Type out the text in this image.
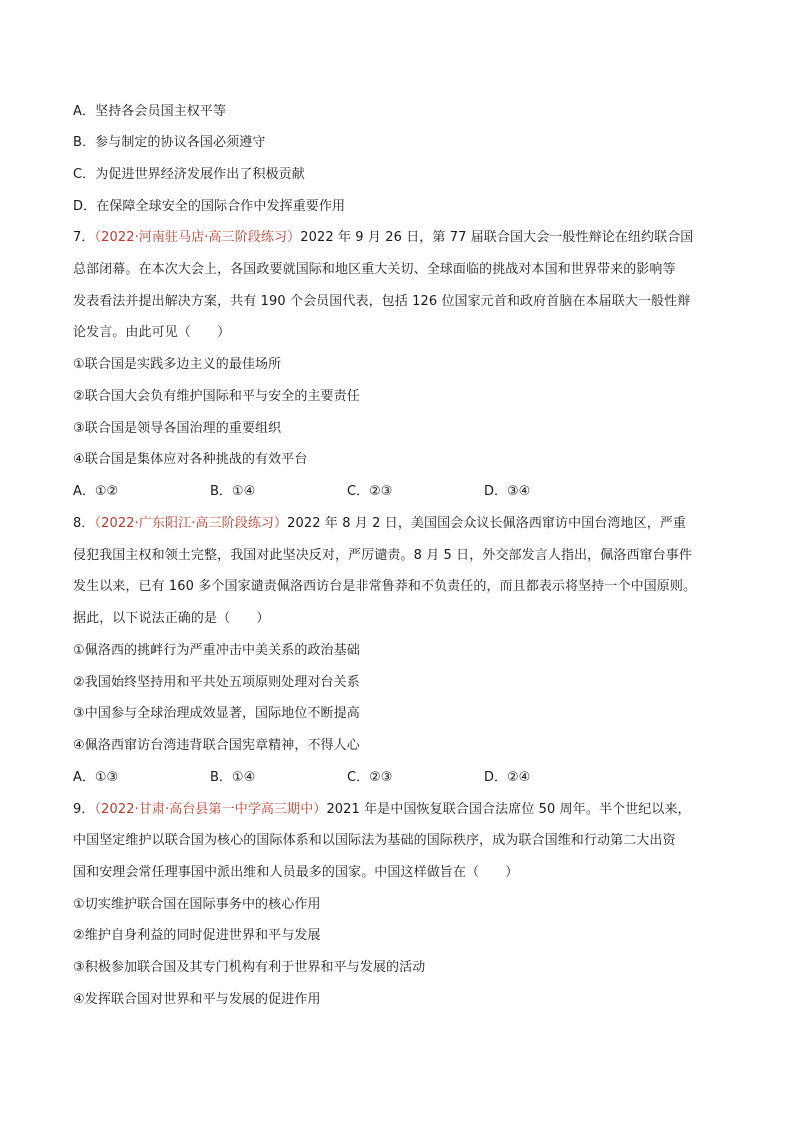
A．坚持各会员国主权平等
B．参与制定的协议各国必须遵守
C．为促进世界经济发展作出了积极贡献
D．在保障全球安全的国际合作中发挥重要作用
7．（2022·河南驻马店·高三阶段练习）2022 年 9 月 26 日，第 77 届联合国大会一般性辩论在纽约联合国
总部闭幕。在本次大会上，各国政要就国际和地区重大关切、全球面临的挑战对本国和世界带来的影响等
发表看法并提出解决方案，共有 190 个会员国代表，包括 126 位国家元首和政府首脑在本届联大一般性辩
论发言。由此可见（　　）
①联合国是实践多边主义的最佳场所
②联合国大会负有维护国际和平与安全的主要责任
③联合国是领导各国治理的重要组织
④联合国是集体应对各种挑战的有效平台
A．①②	B．①④	C．②③	D．③④
8．（2022·广东阳江·高三阶段练习）2022 年 8 月 2 日，美国国会众议长佩洛西窜访中国台湾地区，严重
侵犯我国主权和领土完整，我国对此坚决反对，严厉谴责。8 月 5 日，外交部发言人指出，佩洛西窜台事件
发生以来，已有 160 多个国家谴责佩洛西访台是非常鲁莽和不负责任的，而且都表示将坚持一个中国原则。
据此，以下说法正确的是（　　）
①佩洛西的挑衅行为严重冲击中美关系的政治基础
②我国始终坚持用和平共处五项原则处理对台关系
③中国参与全球治理成效显著，国际地位不断提高
④佩洛西窜访台湾违背联合国宪章精神，不得人心
A．①③	B．①④	C．②③	D．②④
9．（2022·甘肃·高台县第一中学高三期中）2021 年是中国恢复联合国合法席位 50 周年。半个世纪以来，
中国坚定维护以联合国为核心的国际体系和以国际法为基础的国际秩序，成为联合国维和行动第二大出资
国和安理会常任理事国中派出维和人员最多的国家。中国这样做旨在（　　）
①切实维护联合国在国际事务中的核心作用
②维护自身利益的同时促进世界和平与发展
③积极参加联合国及其专门机构有利于世界和平与发展的活动
④发挥联合国对世界和平与发展的促进作用
